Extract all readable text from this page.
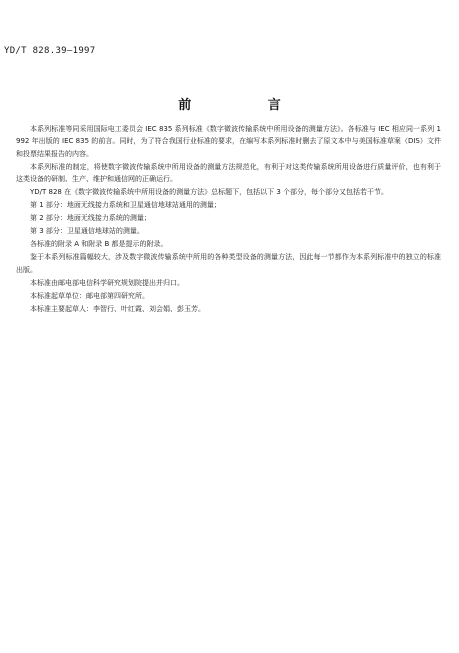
YD/T 828.39—1997
前 言

本系列标准等同采用国际电工委员会 IEC 835 系列标准《数字微波传输系统中所用设备的测量方法》。各标准与 IEC 相应同一系列 1992 年出版的 IEC 835 的前言。同时，为了符合我国行业标准的要求，在编写本系列标准时删去了原文本中与美国标准草案（DIS）文件和投票结果报告的内容。

本系列标准的制定，将使数字微波传输系统中所用设备的测量方法规范化，有利于对这类传输系统所用设备进行质量评价，也有利于这类设备的研制、生产、维护和通信网的正确运行。

YD/T 828 在《数字微波传输系统中所用设备的测量方法》总标题下，包括以下 3 个部分，每个部分又包括若干节。

第 1 部分：地面无线接力系统和卫星通信地球站通用的测量；

第 2 部分：地面无线接力系统的测量；

第 3 部分：卫星通信地球站的测量。

各标准的附录 A 和附录 B 都是提示的附录。

鉴于本系列标准篇幅较大，涉及数字微波传输系统中所用的各种类型设备的测量方法，因此每一节都作为本系列标准中的独立的标准出版。

本标准由邮电部电信科学研究规划院提出并归口。

本标准起草单位：邮电部第四研究所。

本标准主要起草人：李智行、叶红霞、刘会娟、彭玉芳。
